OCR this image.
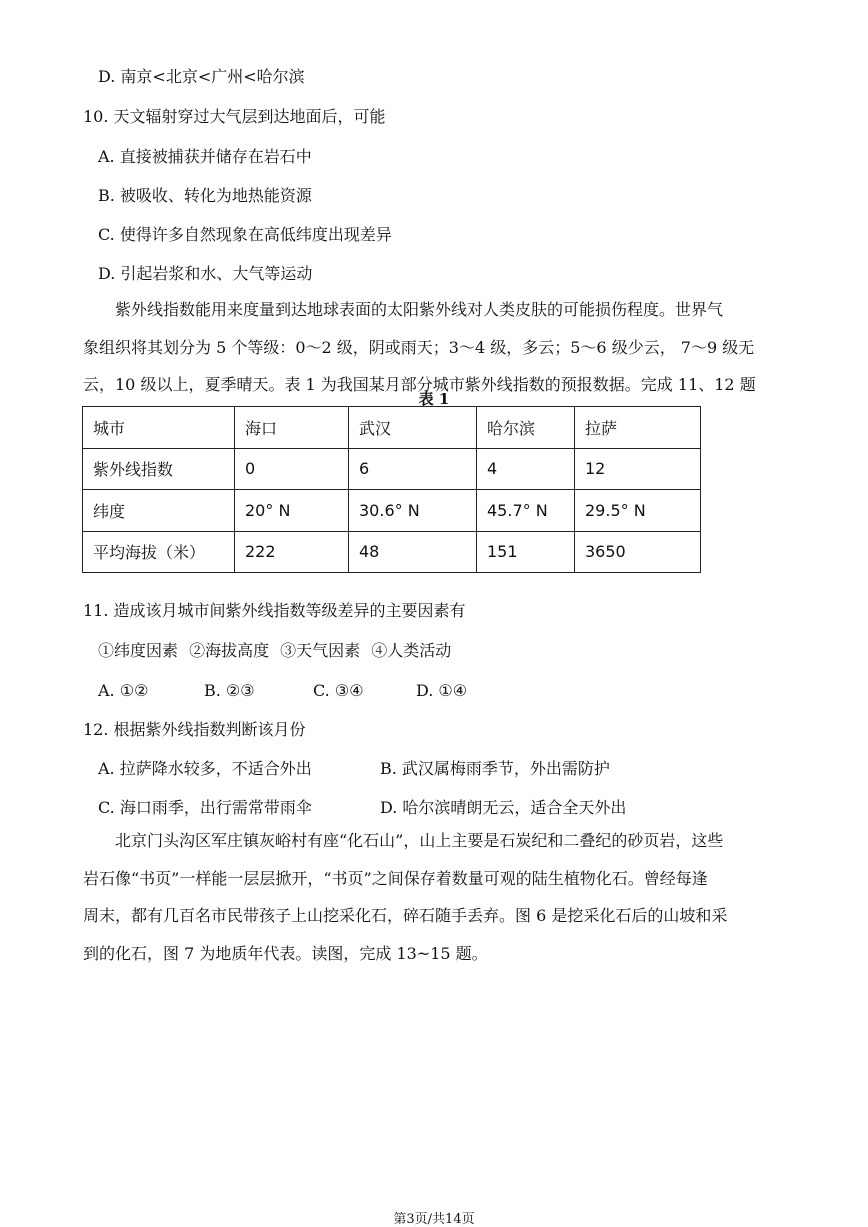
D. 南京<北京<广州<哈尔滨
10. 天文辐射穿过大气层到达地面后，可能
A. 直接被捕获并储存在岩石中
B. 被吸收、转化为地热能资源
C. 使得许多自然现象在高低纬度出现差异
D. 引起岩浆和水、大气等运动
紫外线指数能用来度量到达地球表面的太阳紫外线对人类皮肤的可能损伤程度。世界气
象组织将其划分为 5 个等级：0～2 级，阴或雨天；3～4 级，多云；5～6 级少云， 7～9 级无
云，10 级以上，夏季晴天。表 1 为我国某月部分城市紫外线指数的预报数据。完成 11、12 题
表 1
城市	海口	武汉	哈尔滨	拉萨
紫外线指数	0	6	4	12
纬度	20° N	30.6° N	45.7° N	29.5° N
平均海拔（米）	222	48	151	3650
11. 造成该月城市间紫外线指数等级差异的主要因素有
①纬度因素 ②海拔高度 ③天气因素 ④人类活动
A. ①②	B. ②③	C. ③④	D. ①④
12. 根据紫外线指数判断该月份
A. 拉萨降水较多，不适合外出	B. 武汉属梅雨季节，外出需防护
C. 海口雨季，出行需常带雨伞	D. 哈尔滨晴朗无云，适合全天外出
北京门头沟区军庄镇灰峪村有座“化石山”，山上主要是石炭纪和二叠纪的砂页岩，这些
岩石像“书页”一样能一层层掀开，“书页”之间保存着数量可观的陆生植物化石。曾经每逢
周末，都有几百名市民带孩子上山挖采化石，碎石随手丢弃。图 6 是挖采化石后的山坡和采
到的化石，图 7 为地质年代表。读图，完成 13~15 题。
第3页/共14页
